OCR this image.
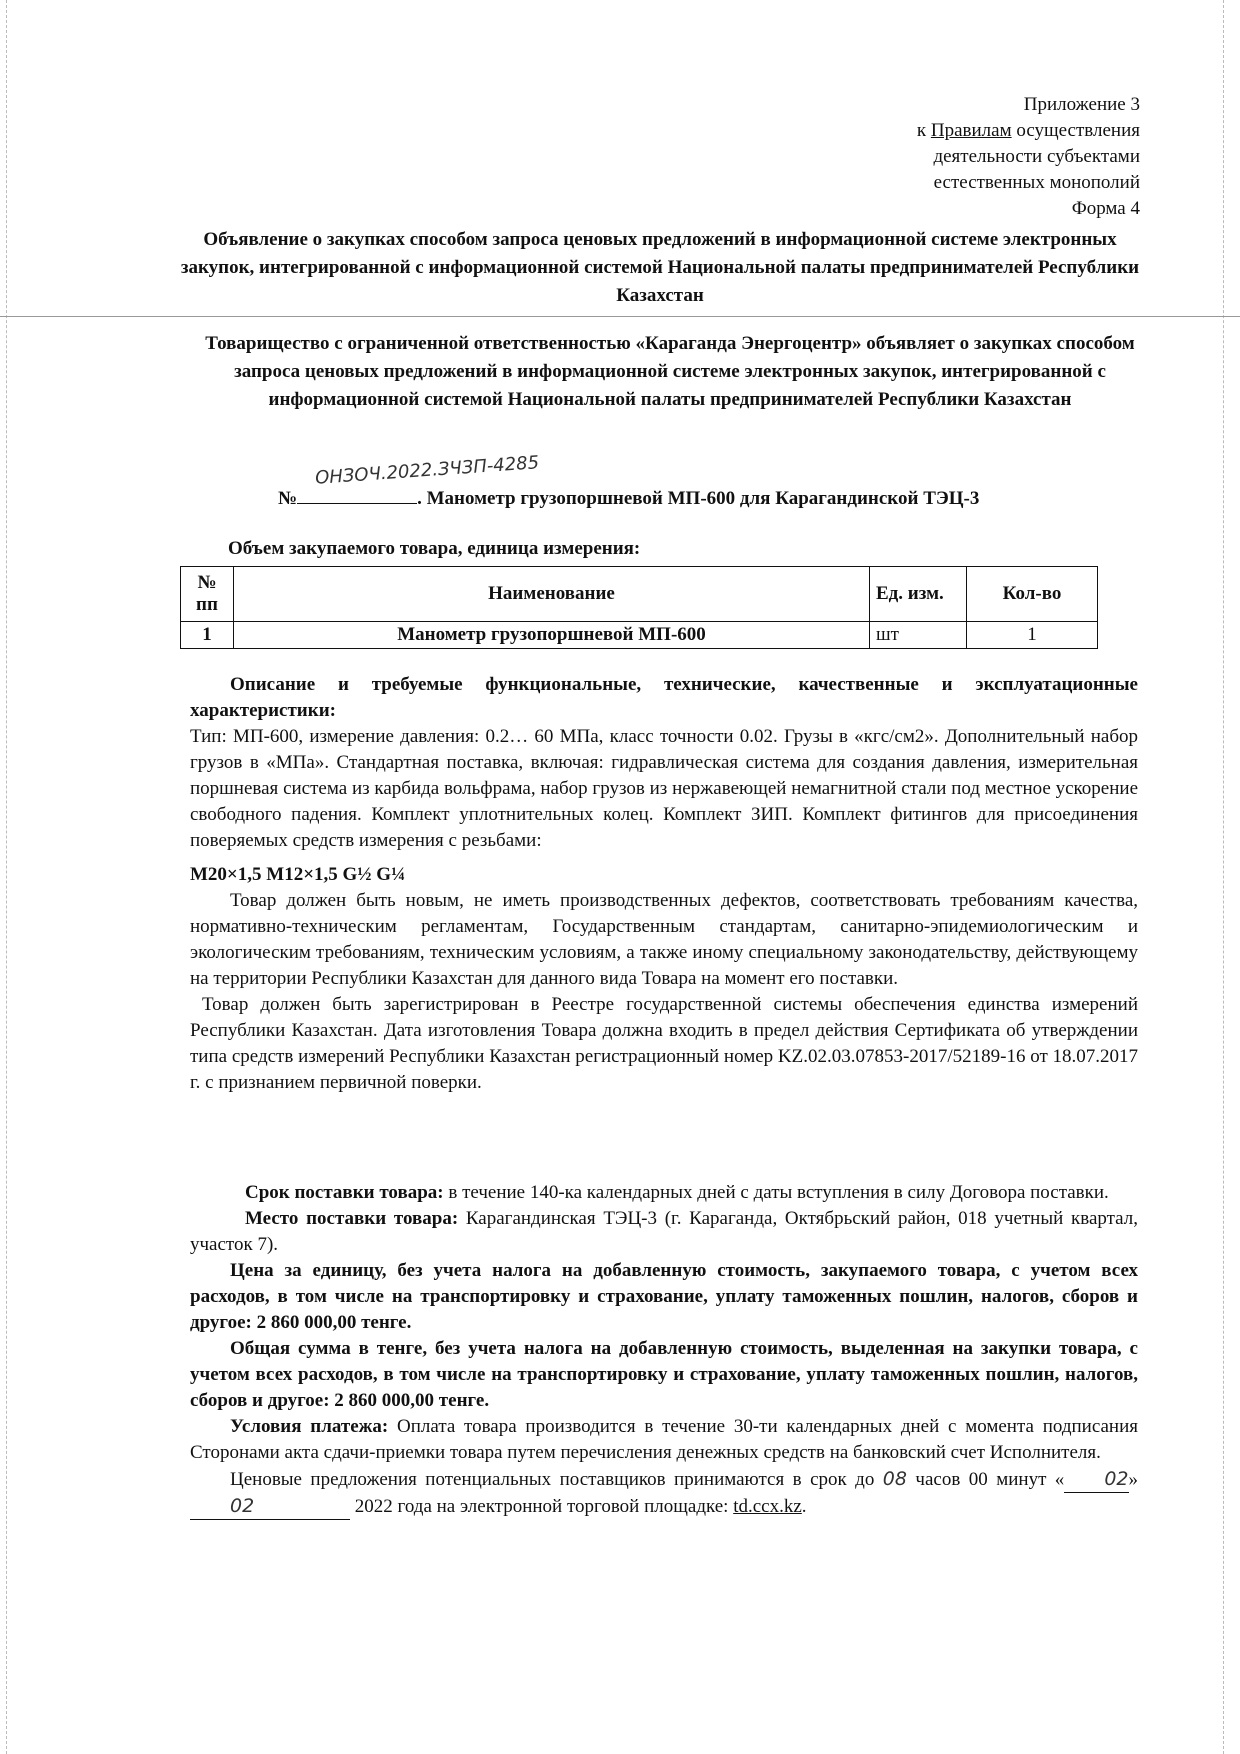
Приложение 3
к Правилам осуществления
деятельности субъектами
естественных монополий
Форма 4
Объявление о закупках способом запроса ценовых предложений в информационной системе электронных закупок, интегрированной с информационной системой Национальной палаты предпринимателей Республики Казахстан
Товарищество с ограниченной ответственностью «Караганда Энергоцентр» объявляет о закупках способом запроса ценовых предложений в информационной системе электронных закупок, интегрированной с информационной системой Национальной палаты предпринимателей Республики Казахстан
ОНЗОЧ.2022.ЗЧЗП-4285
№	. Манометр грузопоршневой МП-600 для Карагандинской ТЭЦ-3
Объем закупаемого товара, единица измерения:
№ пп	Наименование	Ед. изм.	Кол-во
1	Манометр грузопоршневой МП-600	шт	1

Описание и требуемые функциональные, технические, качественные и эксплуатационные характеристики:

Тип: МП-600, измерение давления: 0.2… 60 МПа, класс точности 0.02. Грузы в «кгс/см2». Дополнительный набор грузов в «МПа». Стандартная поставка, включая: гидравлическая система для создания давления, измерительная поршневая система из карбида вольфрама, набор грузов из нержавеющей немагнитной стали под местное ускорение свободного падения. Комплект уплотнительных колец. Комплект ЗИП. Комплект фитингов для присоединения поверяемых средств измерения с резьбами:

М20×1,5 М12×1,5 G½ G¼

Товар должен быть новым, не иметь производственных дефектов, соответствовать требованиям качества, нормативно-техническим регламентам, Государственным стандартам, санитарно-эпидемиологическим и экологическим требованиям, техническим условиям, а также иному специальному законодательству, действующему на территории Республики Казахстан для данного вида Товара на момент его поставки.

Товар должен быть зарегистрирован в Реестре государственной системы обеспечения единства измерений Республики Казахстан. Дата изготовления Товара должна входить в предел действия Сертификата об утверждении типа средств измерений Республики Казахстан регистрационный номер KZ.02.03.07853-2017/52189-16 от 18.07.2017 г. с признанием первичной поверки.

Срок поставки товара: в течение 140-ка календарных дней с даты вступления в силу Договора поставки.

Место поставки товара: Карагандинская ТЭЦ-3 (г. Караганда, Октябрьский район, 018 учетный квартал, участок 7).

Цена за единицу, без учета налога на добавленную стоимость, закупаемого товара, с учетом всех расходов, в том числе на транспортировку и страхование, уплату таможенных пошлин, налогов, сборов и другое: 2 860 000,00 тенге.

Общая сумма в тенге, без учета налога на добавленную стоимость, выделенная на закупки товара, с учетом всех расходов, в том числе на транспортировку и страхование, уплату таможенных пошлин, налогов, сборов и другое: 2 860 000,00 тенге.

Условия платежа: Оплата товара производится в течение 30-ти календарных дней с момента подписания Сторонами акта сдачи-приемки товара путем перечисления денежных средств на банковский счет Исполнителя.

Ценовые предложения потенциальных поставщиков принимаются в срок до 08 часов 00 минут « 02» 02	2022 года на электронной торговой площадке: td.ccx.kz.
